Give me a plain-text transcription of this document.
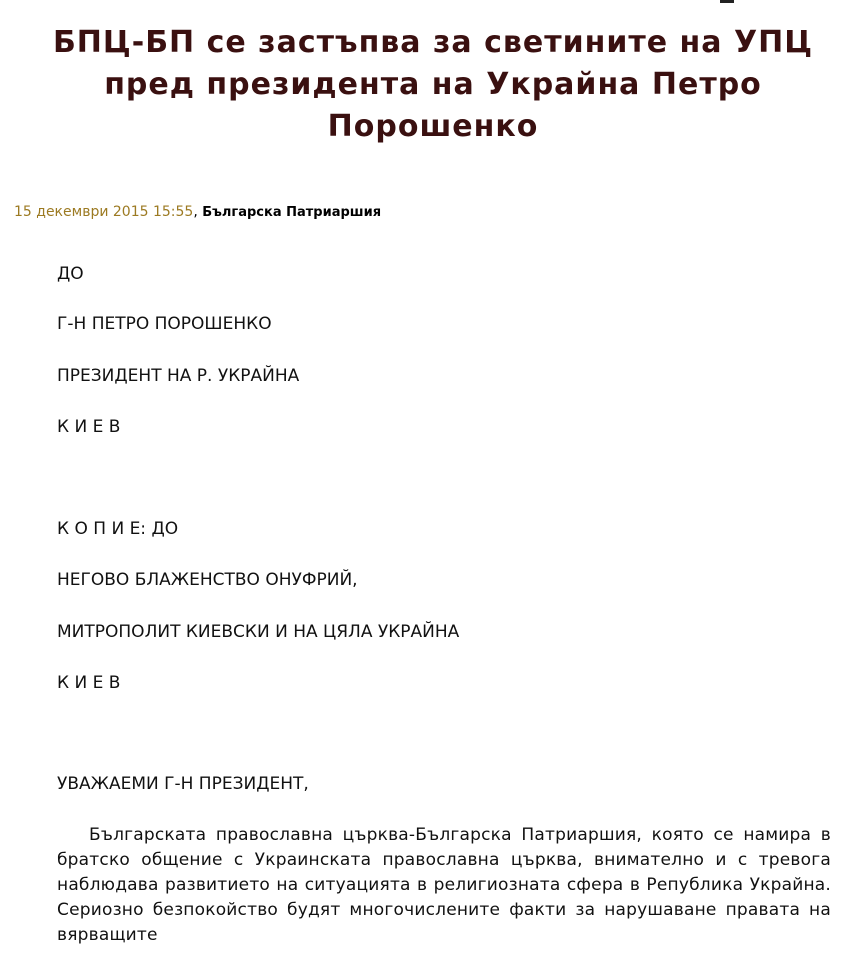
БПЦ-БП се застъпва за светините на УПЦ пред президента на Украйна Петро Порошенко
15 декември 2015 15:55, Българска Патриаршия

ДО

Г-Н ПЕТРО ПОРОШЕНКО

ПРЕЗИДЕНТ НА Р. УКРАЙНА

К И Е В

К О П И Е: ДО

НЕГОВО БЛАЖЕНСТВО ОНУФРИЙ,

МИТРОПОЛИТ КИЕВСКИ И НА ЦЯЛА УКРАЙНА

К И Е В

УВАЖАЕМИ Г-Н ПРЕЗИДЕНТ,

Българската православна църква-Българска Патриаршия, която се намира в братско общение с Украинската православна църква, внимателно и с тревога наблюдава развитието на ситуацията в религиозната сфера в Република Украйна. Сериозно безпокойство будят многочислените факти за нарушаване правата на вярващите
